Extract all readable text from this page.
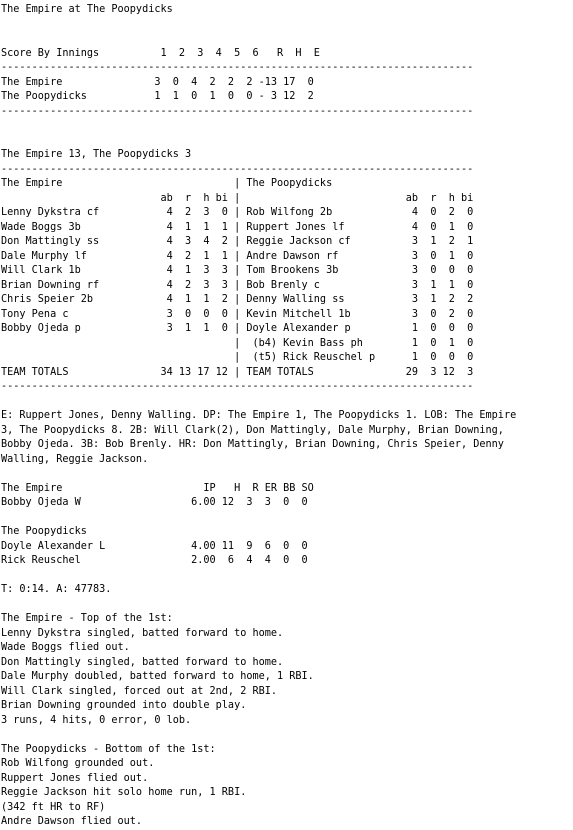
The Empire at The Poopydicks
Score By Innings          1  2  3  4  5  6   R  H  E
-----------------------------------------------------------------------------
The Empire               3  0  4  2  2  2 -13 17  0
The Poopydicks           1  1  0  1  0  0 - 3 12  2
-----------------------------------------------------------------------------
The Empire 13, The Poopydicks 3
-----------------------------------------------------------------------------
The Empire                            | The Poopydicks
ab  r  h bi |                           ab  r  h bi
Lenny Dykstra cf           4  2  3  0 | Rob Wilfong 2b             4  0  2  0
Wade Boggs 3b              4  1  1  1 | Ruppert Jones lf           4  0  1  0
Don Mattingly ss           4  3  4  2 | Reggie Jackson cf          3  1  2  1
Dale Murphy lf             4  2  1  1 | Andre Dawson rf            3  0  1  0
Will Clark 1b              4  1  3  3 | Tom Brookens 3b            3  0  0  0
Brian Downing rf           4  2  3  3 | Bob Brenly c               3  1  1  0
Chris Speier 2b            4  1  1  2 | Denny Walling ss           3  1  2  2
Tony Pena c                3  0  0  0 | Kevin Mitchell 1b          3  0  2  0
Bobby Ojeda p              3  1  1  0 | Doyle Alexander p          1  0  0  0
|  (b4) Kevin Bass ph        1  0  1  0
|  (t5) Rick Reuschel p      1  0  0  0
TEAM TOTALS               34 13 17 12 | TEAM TOTALS               29  3 12  3
-----------------------------------------------------------------------------
E: Ruppert Jones, Denny Walling. DP: The Empire 1, The Poopydicks 1. LOB: The Empire
3, The Poopydicks 8. 2B: Will Clark(2), Don Mattingly, Dale Murphy, Brian Downing,
Bobby Ojeda. 3B: Bob Brenly. HR: Don Mattingly, Brian Downing, Chris Speier, Denny
Walling, Reggie Jackson.
The Empire                       IP   H  R ER BB SO
Bobby Ojeda W                  6.00 12  3  3  0  0
The Poopydicks
Doyle Alexander L              4.00 11  9  6  0  0
Rick Reuschel                  2.00  6  4  4  0  0
T: 0:14. A: 47783.
The Empire - Top of the 1st:
Lenny Dykstra singled, batted forward to home.
Wade Boggs flied out.
Don Mattingly singled, batted forward to home.
Dale Murphy doubled, batted forward to home, 1 RBI.
Will Clark singled, forced out at 2nd, 2 RBI.
Brian Downing grounded into double play.
3 runs, 4 hits, 0 error, 0 lob.
The Poopydicks - Bottom of the 1st:
Rob Wilfong grounded out.
Ruppert Jones flied out.
Reggie Jackson hit solo home run, 1 RBI.
(342 ft HR to RF)
Andre Dawson flied out.
